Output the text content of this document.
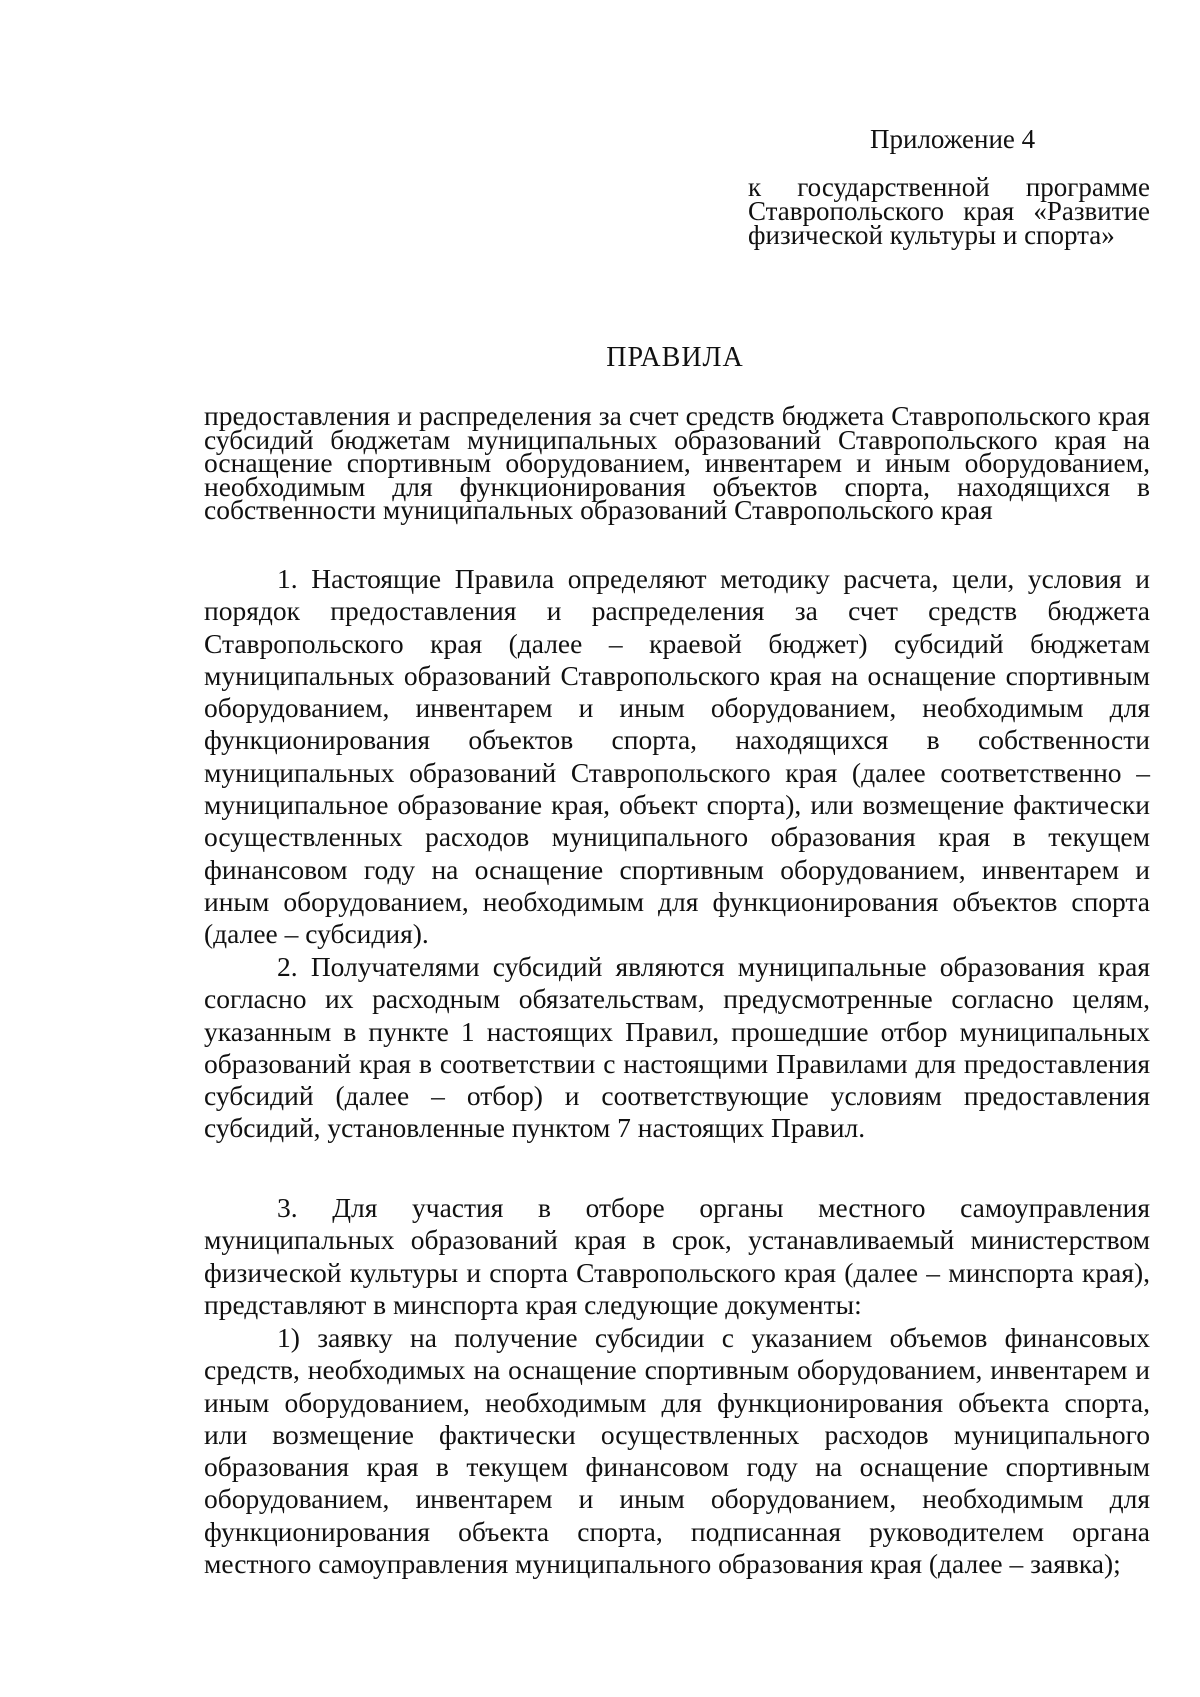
Приложение 4
к государственной программе Ставропольского края «Развитие физической культуры и спорта»
ПРАВИЛА
предоставления и распределения за счет средств бюджета Ставропольского края субсидий бюджетам муниципальных образований Ставропольского края на оснащение спортивным оборудованием, инвентарем и иным оборудованием, необходимым для функционирования объектов спорта, находящихся в собственности муниципальных образований Ставропольского края

1. Настоящие Правила определяют методику расчета, цели, условия и порядок предоставления и распределения за счет средств бюджета Ставропольского края (далее – краевой бюджет) субсидий бюджетам муниципальных образований Ставропольского края на оснащение спортивным оборудованием, инвентарем и иным оборудованием, необходимым для функционирования объектов спорта, находящихся в собственности муниципальных образований Ставропольского края (далее соответственно – муниципальное образование края, объект спорта), или возмещение фактически осуществленных расходов муниципального образования края в текущем финансовом году на оснащение спортивным оборудованием, инвентарем и иным оборудованием, необходимым для функционирования объектов спорта (далее – субсидия).

2. Получателями субсидий являются муниципальные образования края согласно их расходным обязательствам, предусмотренные согласно целям, указанным в пункте 1 настоящих Правил, прошедшие отбор муниципальных образований края в соответствии с настоящими Правилами для предоставления субсидий (далее – отбор) и соответствующие условиям предоставления субсидий, установленные пунктом 7 настоящих Правил.

3. Для участия в отборе органы местного самоуправления муниципальных образований края в срок, устанавливаемый министерством физической культуры и спорта Ставропольского края (далее – минспорта края), представляют в минспорта края следующие документы:

1) заявку на получение субсидии с указанием объемов финансовых средств, необходимых на оснащение спортивным оборудованием, инвентарем и иным оборудованием, необходимым для функционирования объекта спорта, или возмещение фактически осуществленных расходов муниципального образования края в текущем финансовом году на оснащение спортивным оборудованием, инвентарем и иным оборудованием, необходимым для функционирования объекта спорта, подписанная руководителем органа местного самоуправления муниципального образования края (далее – заявка);
